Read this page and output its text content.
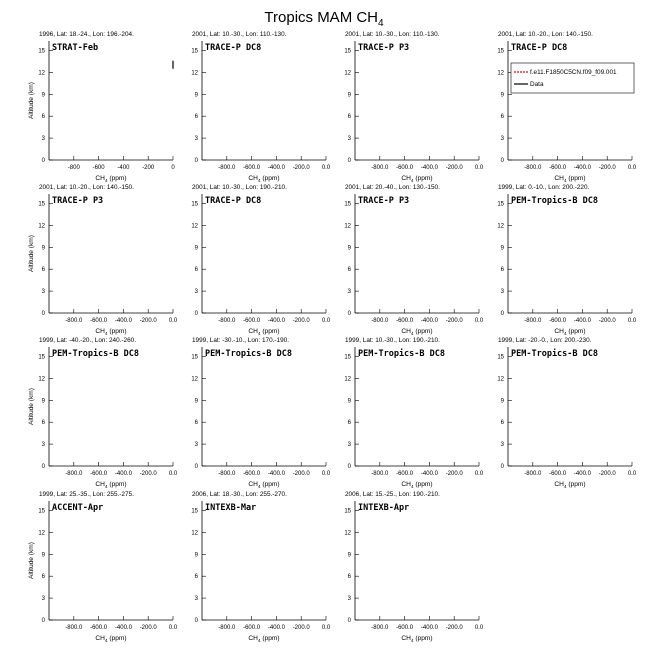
Tropics MAM $CH_4$
1996, Lat: 18.-24., Lon: 196.-204.
STRAT-Feb
0
3
6
9
12
15
-800 -600 -400 -200	0
$CH_4$ (ppm)
Altitude (km)
2001, Lat: 10.-30., Lon: 110.-130.
TRACE-P DC8
0
3
6
9
12
15
-800.0 -600.0 -400.0 -200.0 0.0
$CH_4$ (ppm)
2001, Lat: 10.-30., Lon: 110.-130.
TRACE-P P3
0
3
6
9
12
15
-800.0 -600.0 -400.0 -200.0 0.0
$CH_4$ (ppm)
2001, Lat: 10.-20., Lon: 140.-150.
TRACE-P DC8
0
3
6
9
12
15
-800.0 -600.0 -400.0 -200.0 0.0
$CH_4$ (ppm)
f.e11.F1850C5CN.f09_f09.001
Data
2001, Lat: 10.-20., Lon: 140.-150.
TRACE-P P3
0
3
6
9
12
15
-800.0 -600.0 -400.0 -200.0 0.0
$CH_4$ (ppm)
Altitude (km)
2001, Lat: 10.-30., Lon: 190.-210.
TRACE-P DC8
0
3
6
9
12
15
-800.0 -600.0 -400.0 -200.0 0.0
$CH_4$ (ppm)
2001, Lat: 20.-40., Lon: 130.-150.
TRACE-P P3
0
3
6
9
12
15
-800.0 -600.0 -400.0 -200.0 0.0
$CH_4$ (ppm)
1999, Lat: 0.-10., Lon: 200.-220.
PEM-Tropics-B DC8
0
3
6
9
12
15
-800.0 -600.0 -400.0 -200.0 0.0
$CH_4$ (ppm)
1999, Lat: -40.-20., Lon: 240.-260.
PEM-Tropics-B DC8
0
3
6
9
12
15
-800.0 -600.0 -400.0 -200.0 0.0
$CH_4$ (ppm)
Altitude (km)
1999, Lat: -30.-10., Lon: 170.-190.
PEM-Tropics-B DC8
0
3
6
9
12
15
-800.0 -600.0 -400.0 -200.0 0.0
$CH_4$ (ppm)
1999, Lat: 10.-30., Lon: 190.-210.
PEM-Tropics-B DC8
0
3
6
9
12
15
-800.0 -600.0 -400.0 -200.0 0.0
$CH_4$ (ppm)
1999, Lat: -20.-0., Lon: 200.-230.
PEM-Tropics-B DC8
0
3
6
9
12
15
-800.0 -600.0 -400.0 -200.0 0.0
$CH_4$ (ppm)
1999, Lat: 25.-35., Lon: 255.-275.
ACCENT-Apr
0
3
6
9
12
15
-800.0 -600.0 -400.0 -200.0 0.0
$CH_4$ (ppm)
Altitude (km)
2006, Lat: 18.-30., Lon: 255.-270.
INTEXB-Mar
0
3
6
9
12
15
-800.0 -600.0 -400.0 -200.0 0.0
$CH_4$ (ppm)
2006, Lat: 15.-25., Lon: 190.-210.
INTEXB-Apr
0
3
6
9
12
15
-800.0 -600.0 -400.0 -200.0 0.0
$CH_4$ (ppm)
